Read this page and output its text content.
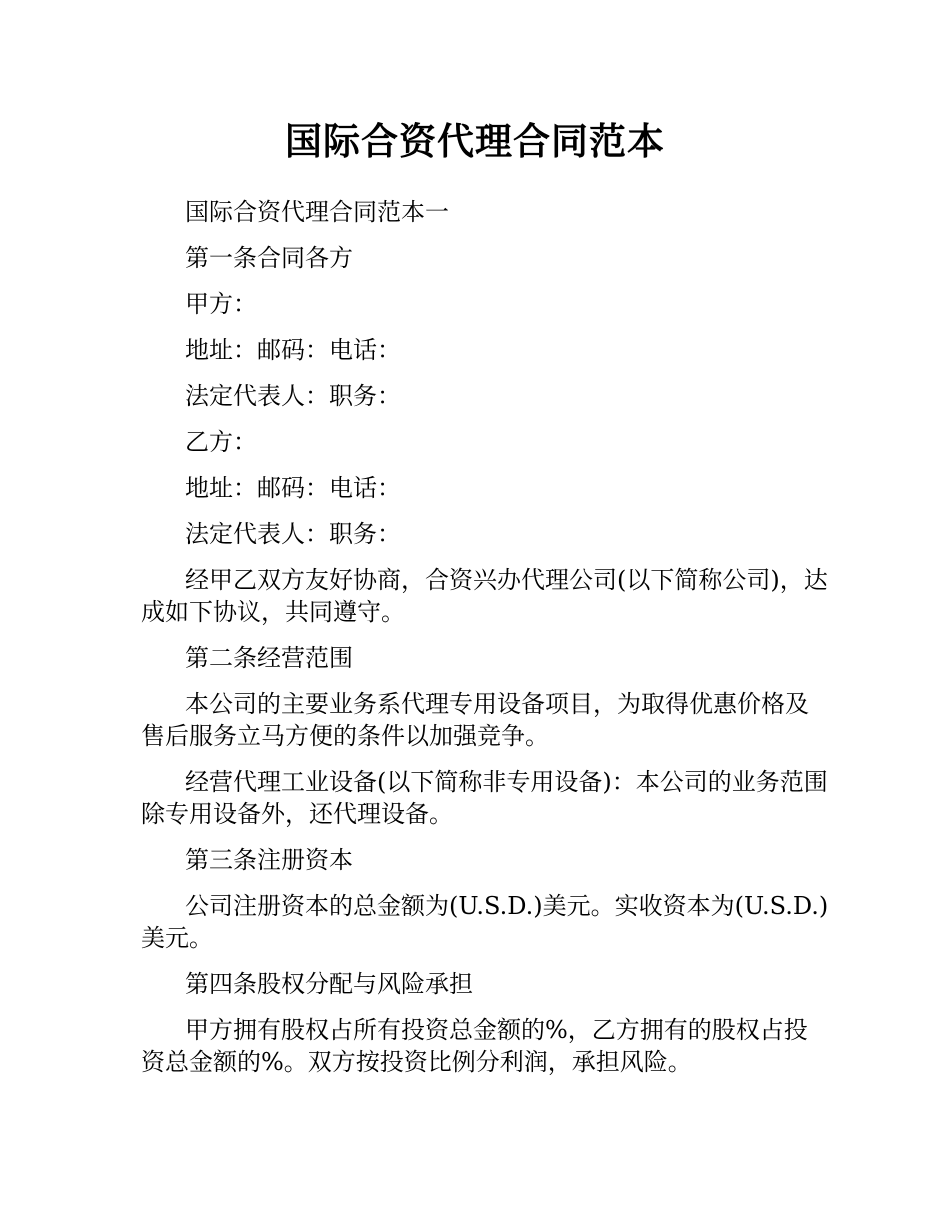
国际合资代理合同范本

国际合资代理合同范本一

第一条合同各方

甲方：

地址：邮码：电话：

法定代表人：职务：

乙方：

地址：邮码：电话：

法定代表人：职务：

经甲乙双方友好协商，合资兴办代理公司(以下简称公司)，达成如下协议，共同遵守。

第二条经营范围

本公司的主要业务系代理专用设备项目，为取得优惠价格及售后服务立马方便的条件以加强竞争。

经营代理工业设备(以下简称非专用设备)：本公司的业务范围除专用设备外，还代理设备。

第三条注册资本

公司注册资本的总金额为(U.S.D.)美元。实收资本为(U.S.D.)美元。

第四条股权分配与风险承担

甲方拥有股权占所有投资总金额的%，乙方拥有的股权占投资总金额的%。双方按投资比例分利润，承担风险。
